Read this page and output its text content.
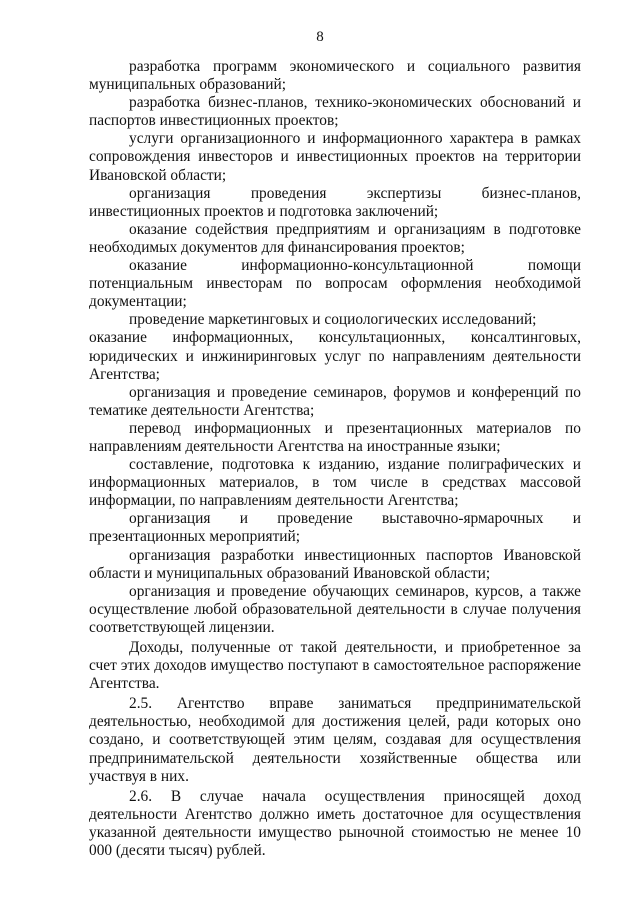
8

разработка программ экономического и социального развития муниципальных образований;

разработка бизнес-планов, технико-экономических обоснований и паспортов инвестиционных проектов;

услуги организационного и информационного характера в рамках сопровождения инвесторов и инвестиционных проектов на территории Ивановской области;

организация проведения экспертизы бизнес-планов, инвестиционных проектов и подготовка заключений;

оказание содействия предприятиям и организациям в подготовке необходимых документов для финансирования проектов;

оказание информационно-консультационной помощи потенциальным инвесторам по вопросам оформления необходимой документации;

проведение маркетинговых и социологических исследований;

оказание информационных, консультационных, консалтинговых, юридических и инжиниринговых услуг по направлениям деятельности Агентства;

организация и проведение семинаров, форумов и конференций по тематике деятельности Агентства;

перевод информационных и презентационных материалов по направлениям деятельности Агентства на иностранные языки;

составление, подготовка к изданию, издание полиграфических и информационных материалов, в том числе в средствах массовой информации, по направлениям деятельности Агентства;

организация и проведение выставочно-ярмарочных и презентационных мероприятий;

организация разработки инвестиционных паспортов Ивановской области и муниципальных образований Ивановской области;

организация и проведение обучающих семинаров, курсов, а также осуществление любой образовательной деятельности в случае получения соответствующей лицензии.

Доходы, полученные от такой деятельности, и приобретенное за счет этих доходов имущество поступают в самостоятельное распоряжение Агентства.

2.5. Агентство вправе заниматься предпринимательской деятельностью, необходимой для достижения целей, ради которых оно создано, и соответствующей этим целям, создавая для осуществления предпринимательской деятельности хозяйственные общества или участвуя в них.

2.6. В случае начала осуществления приносящей доход деятельности Агентство должно иметь достаточное для осуществления указанной деятельности имущество рыночной стоимостью не менее 10 000 (десяти тысяч) рублей.
